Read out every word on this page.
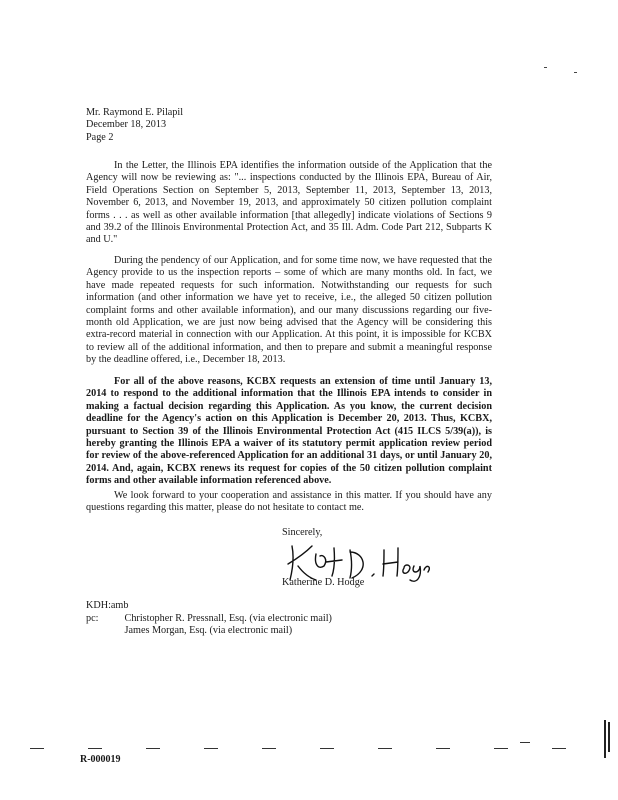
Mr. Raymond E. Pilapil
December 18, 2013
Page 2

In the Letter, the Illinois EPA identifies the information outside of the Application that the Agency will now be reviewing as: "... inspections conducted by the Illinois EPA, Bureau of Air, Field Operations Section on September 5, 2013, September 11, 2013, September 13, 2013, November 6, 2013, and November 19, 2013, and approximately 50 citizen pollution complaint forms . . . as well as other available information [that allegedly] indicate violations of Sections 9 and 39.2 of the Illinois Environmental Protection Act, and 35 Ill. Adm. Code Part 212, Subparts K and U."

During the pendency of our Application, and for some time now, we have requested that the Agency provide to us the inspection reports – some of which are many months old. In fact, we have made repeated requests for such information. Notwithstanding our requests for such information (and other information we have yet to receive, i.e., the alleged 50 citizen pollution complaint forms and other available information), and our many discussions regarding our five-month old Application, we are just now being advised that the Agency will be considering this extra-record material in connection with our Application. At this point, it is impossible for KCBX to review all of the additional information, and then to prepare and submit a meaningful response by the deadline offered, i.e., December 18, 2013.

For all of the above reasons, KCBX requests an extension of time until January 13, 2014 to respond to the additional information that the Illinois EPA intends to consider in making a factual decision regarding this Application. As you know, the current decision deadline for the Agency's action on this Application is December 20, 2013. Thus, KCBX, pursuant to Section 39 of the Illinois Environmental Protection Act (415 ILCS 5/39(a)), is hereby granting the Illinois EPA a waiver of its statutory permit application review period for review of the above-referenced Application for an additional 31 days, or until January 20, 2014. And, again, KCBX renews its request for copies of the 50 citizen pollution complaint forms and other available information referenced above.

We look forward to your cooperation and assistance in this matter. If you should have any questions regarding this matter, please do not hesitate to contact me.

Sincerely,
Katherine D. Hodge
KDH:amb
pc:	Christopher R. Pressnall, Esq. (via electronic mail)
James Morgan, Esq. (via electronic mail)
R-000019
